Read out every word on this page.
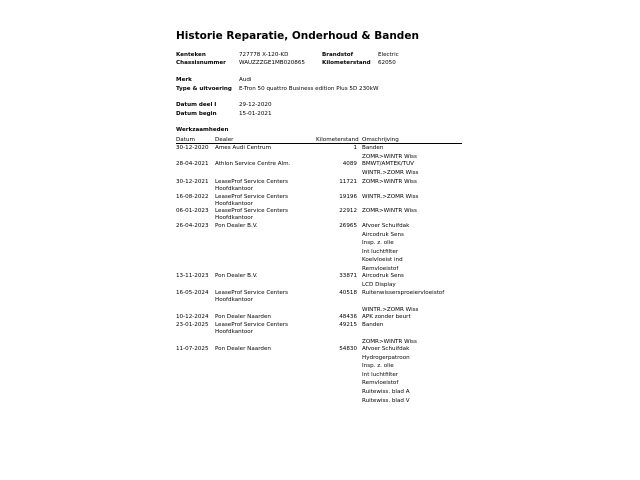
Historie Reparatie, Onderhoud & Banden
Kenteken	727778 X-120-KD	Brandstof	Electric
Chassisnummer WAUZZZGE1MB020865	Kilometerstand 62050
Merk	Audi
Type & uitvoering E-Tron 50 quattro Business edition Plus 5D 230kW
Datum deel I	29-12-2020
Datum begin	15-01-2021
Werkzaamheden
Datum	Dealer	Kilometerstand Omschrijving
30-12-2020 Ames Audi Centrum	1 Banden
ZOMR>WINTR Wiss
28-04-2021 Athlon Service Centre Alm.	4089 BMWT/AMTEK/TUV
WINTR.>ZOMR Wiss
30-12-2021 LeaseProf Service Centers
Hoofdkantoor
11721 ZOMR>WINTR Wiss
16-08-2022 LeaseProf Service Centers
Hoofdkantoor
19196 WINTR.>ZOMR Wiss
06-01-2023 LeaseProf Service Centers
Hoofdkantoor
22912 ZOMR>WINTR Wiss
26-04-2023 Pon Dealer B.V.	26965 Afvoer Schuifdak
Aircodruk Sens
Insp. z. olie
Int luchtfilter
Koelvloeist ind
Remvloeistof
13-11-2023 Pon Dealer B.V.	33871 Aircodruk Sens
LCD Display
16-05-2024 LeaseProf Service Centers
Hoofdkantoor
40518 Ruitenwissersproeiervloeistof
WINTR.>ZOMR Wiss
10-12-2024 Pon Dealer Naarden	48436 APK zonder beurt
23-01-2025 LeaseProf Service Centers
Hoofdkantoor
49215 Banden
ZOMR>WINTR Wiss
11-07-2025 Pon Dealer Naarden	54830 Afvoer Schuifdak
Hydrogerpatroon
Insp. z. olie
Int luchtfilter
Remvloeistof
Ruitewiss. blad A
Ruitewiss. blad V
